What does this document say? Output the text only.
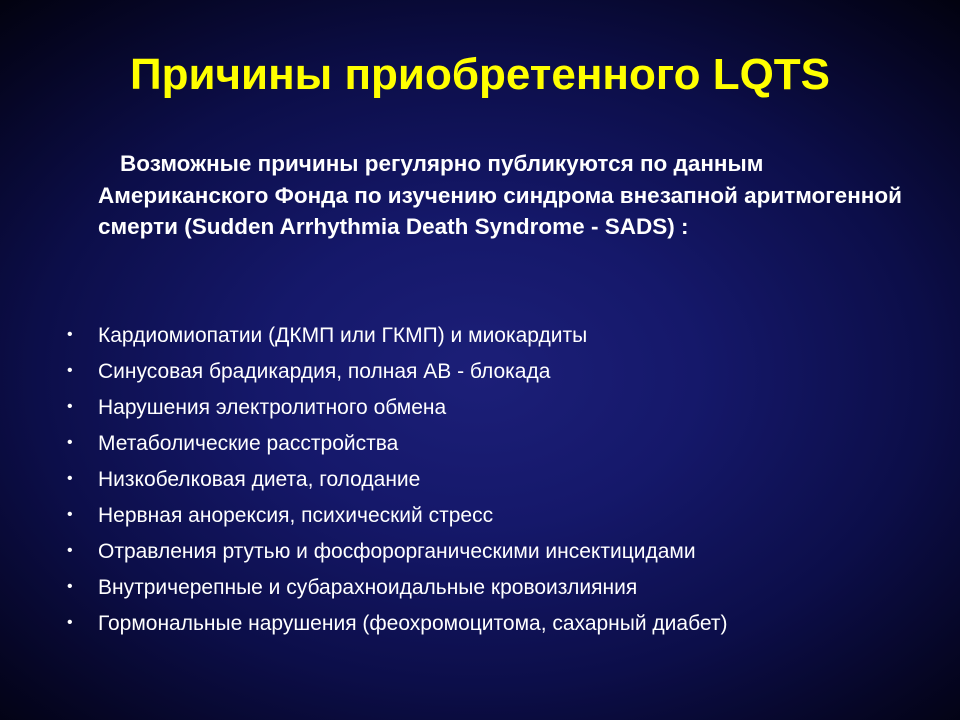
Причины приобретенного LQTS
Возможные причины регулярно публикуются по данным Американского Фонда по изучению синдрома внезапной аритмогенной смерти (Sudden Arrhythmia Death Syndrome - SADS) :
• Кардиомиопатии (ДКМП или ГКМП) и миокардиты
• Синусовая брадикардия, полная АВ - блокада
• Нарушения электролитного обмена
• Метаболические расстройства
• Низкобелковая диета, голодание
• Нервная анорексия, психический стресс
• Отравления ртутью и фосфорорганическими инсектицидами
• Внутричерепные и субарахноидальные кровоизлияния
• Гормональные нарушения (феохромоцитома, сахарный диабет)
